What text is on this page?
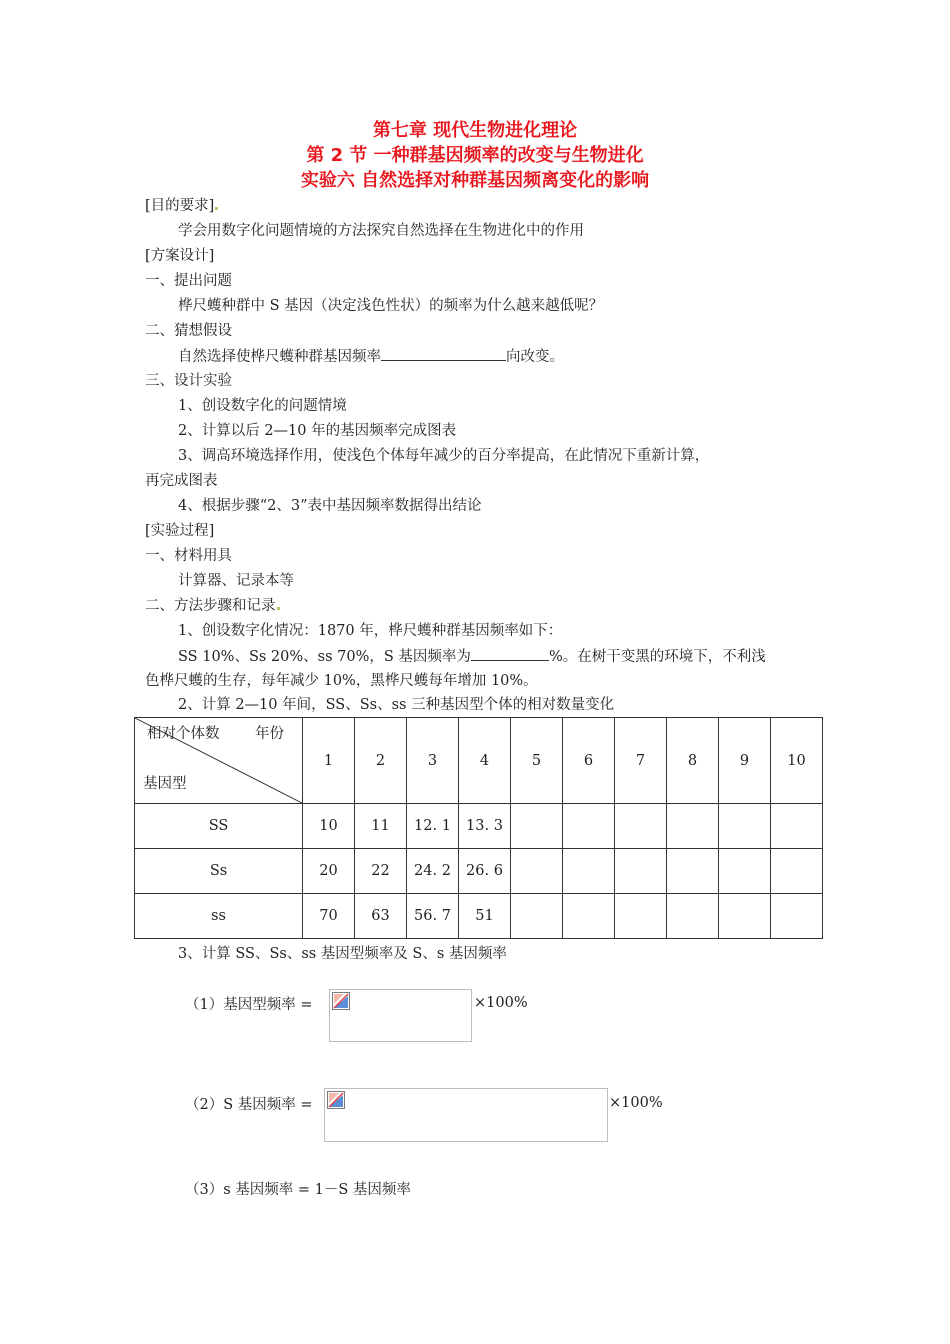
第七章 现代生物进化理论
第 2 节 一种群基因频率的改变与生物进化
实验六 自然选择对种群基因频离变化的影响
[目的要求]
学会用数字化问题情境的方法探究自然选择在生物进化中的作用
[方案设计]
一、提出问题
桦尺蠖种群中 S 基因（决定浅色性状）的频率为什么越来越低呢？
二、猜想假设
自然选择使桦尺蠖种群基因频率	向改变。
三、设计实验
1、创设数字化的问题情境
2、计算以后 2—10 年的基因频率完成图表
3、调高环境选择作用，使浅色个体每年减少的百分率提高，在此情况下重新计算，
再完成图表
4、根据步骤“2、3”表中基因频率数据得出结论
[实验过程]
一、材料用具
计算器、记录本等
二、方法步骤和记录
1、创设数字化情况：1870 年，桦尺蠖种群基因频率如下：
SS 10%、Ss 20%、ss 70%，S 基因频率为	%。在树干变黑的环境下，不利浅
色桦尺蠖的生存，每年减少 10%，黑桦尺蠖每年增加 10%。
2、计算 2—10 年间，SS、Ss、ss 三种基因型个体的相对数量变化
相对个体数 年份
基因型	1	2	3	4	5	6	7	8	9	10
SS	10	11	12. 1	13. 3						
Ss	20	22	24. 2	26. 6						
ss	70	63	56. 7	51						
3、计算 SS、Ss、ss 基因型频率及 S、s 基因频率
（1）基因型频率 =	×100%
（2）S 基因频率 =	×100%
（3）s 基因频率 = 1－S 基因频率
